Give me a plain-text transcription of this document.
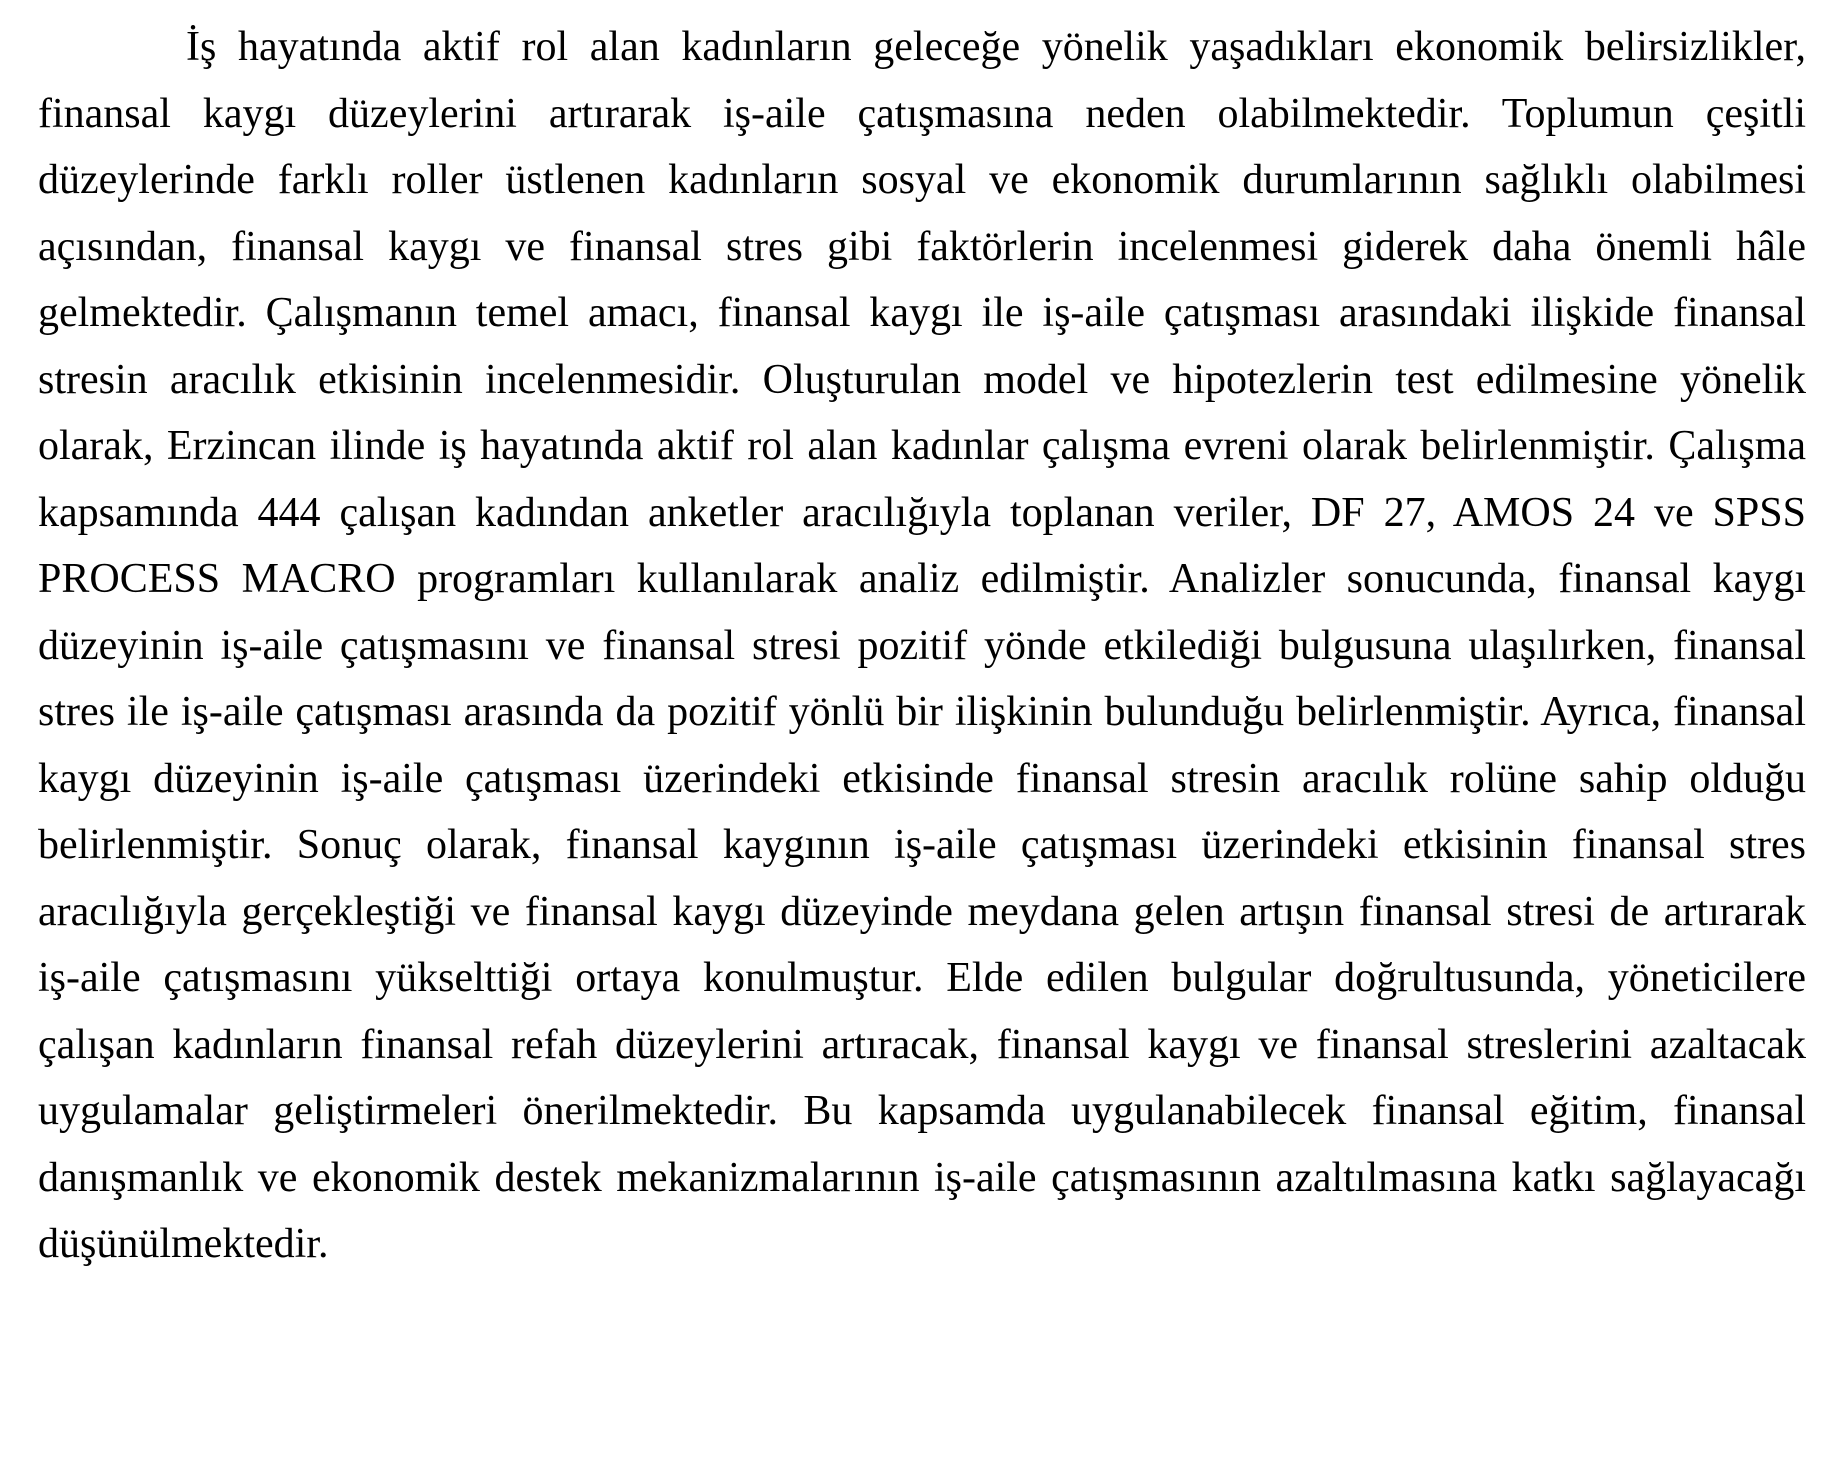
İş hayatında aktif rol alan kadınların geleceğe yönelik yaşadıkları ekonomik belirsizlikler, finansal kaygı düzeylerini artırarak iş-aile çatışmasına neden olabilmektedir. Toplumun çeşitli düzeylerinde farklı roller üstlenen kadınların sosyal ve ekonomik durumlarının sağlıklı olabilmesi açısından, finansal kaygı ve finansal stres gibi faktörlerin incelenmesi giderek daha önemli hâle gelmektedir. Çalışmanın temel amacı, finansal kaygı ile iş-aile çatışması arasındaki ilişkide finansal stresin aracılık etkisinin incelenmesidir. Oluşturulan model ve hipotezlerin test edilmesine yönelik olarak, Erzincan ilinde iş hayatında aktif rol alan kadınlar çalışma evreni olarak belirlenmiştir. Çalışma kapsamında 444 çalışan kadından anketler aracılığıyla toplanan veriler, DF 27, AMOS 24 ve SPSS PROCESS MACRO programları kullanılarak analiz edilmiştir. Analizler sonucunda, finansal kaygı düzeyinin iş-aile çatışmasını ve finansal stresi pozitif yönde etkilediği bulgusuna ulaşılırken, finansal stres ile iş-aile çatışması arasında da pozitif yönlü bir ilişkinin bulunduğu belirlenmiştir. Ayrıca, finansal kaygı düzeyinin iş-aile çatışması üzerindeki etkisinde finansal stresin aracılık rolüne sahip olduğu belirlenmiştir. Sonuç olarak, finansal kaygının iş-aile çatışması üzerindeki etkisinin finansal stres aracılığıyla gerçekleştiği ve finansal kaygı düzeyinde meydana gelen artışın finansal stresi de artırarak iş-aile çatışmasını yükselttiği ortaya konulmuştur. Elde edilen bulgular doğrultusunda, yöneticilere çalışan kadınların finansal refah düzeylerini artıracak, finansal kaygı ve finansal streslerini azaltacak uygulamalar geliştirmeleri önerilmektedir. Bu kapsamda uygulanabilecek finansal eğitim, finansal danışmanlık ve ekonomik destek mekanizmalarının iş-aile çatışmasının azaltılmasına katkı sağlayacağı düşünülmektedir.
